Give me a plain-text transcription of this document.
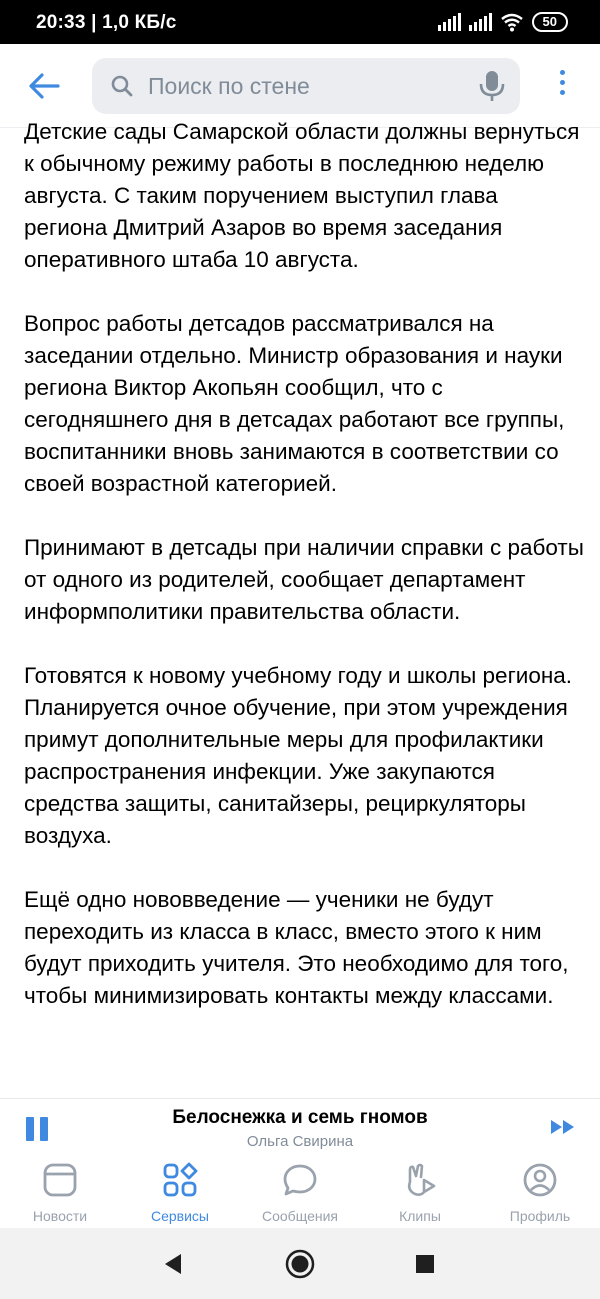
20:33 | 1,0 КБ/с	50
Поиск по стене

Детские сады Самарской области должны вернуться к обычному режиму работы в последнюю неделю августа. С таким поручением выступил глава региона Дмитрий Азаров во время заседания оперативного штаба 10 августа.

Вопрос работы детсадов рассматривался на заседании отдельно. Министр образования и науки региона Виктор Акопьян сообщил, что с сегодняшнего дня в детсадах работают все группы, воспитанники вновь занимаются в соответствии со своей возрастной категорией.

Принимают в детсады при наличии справки с работы от одного из родителей, сообщает департамент информполитики правительства области.

Готовятся к новому учебному году и школы региона. Планируется очное обучение, при этом учреждения примут дополнительные меры для профилактики распространения инфекции. Уже закупаются средства защиты, санитайзеры, рециркуляторы воздуха.

Ещё одно нововведение — ученики не будут переходить из класса в класс, вместо этого к ним будут приходить учителя. Это необходимо для того, чтобы минимизировать контакты между классами.

Белоснежка и семь гномов
Ольга Свирина
Новости	Сервисы	Сообщения	Клипы	Профиль
